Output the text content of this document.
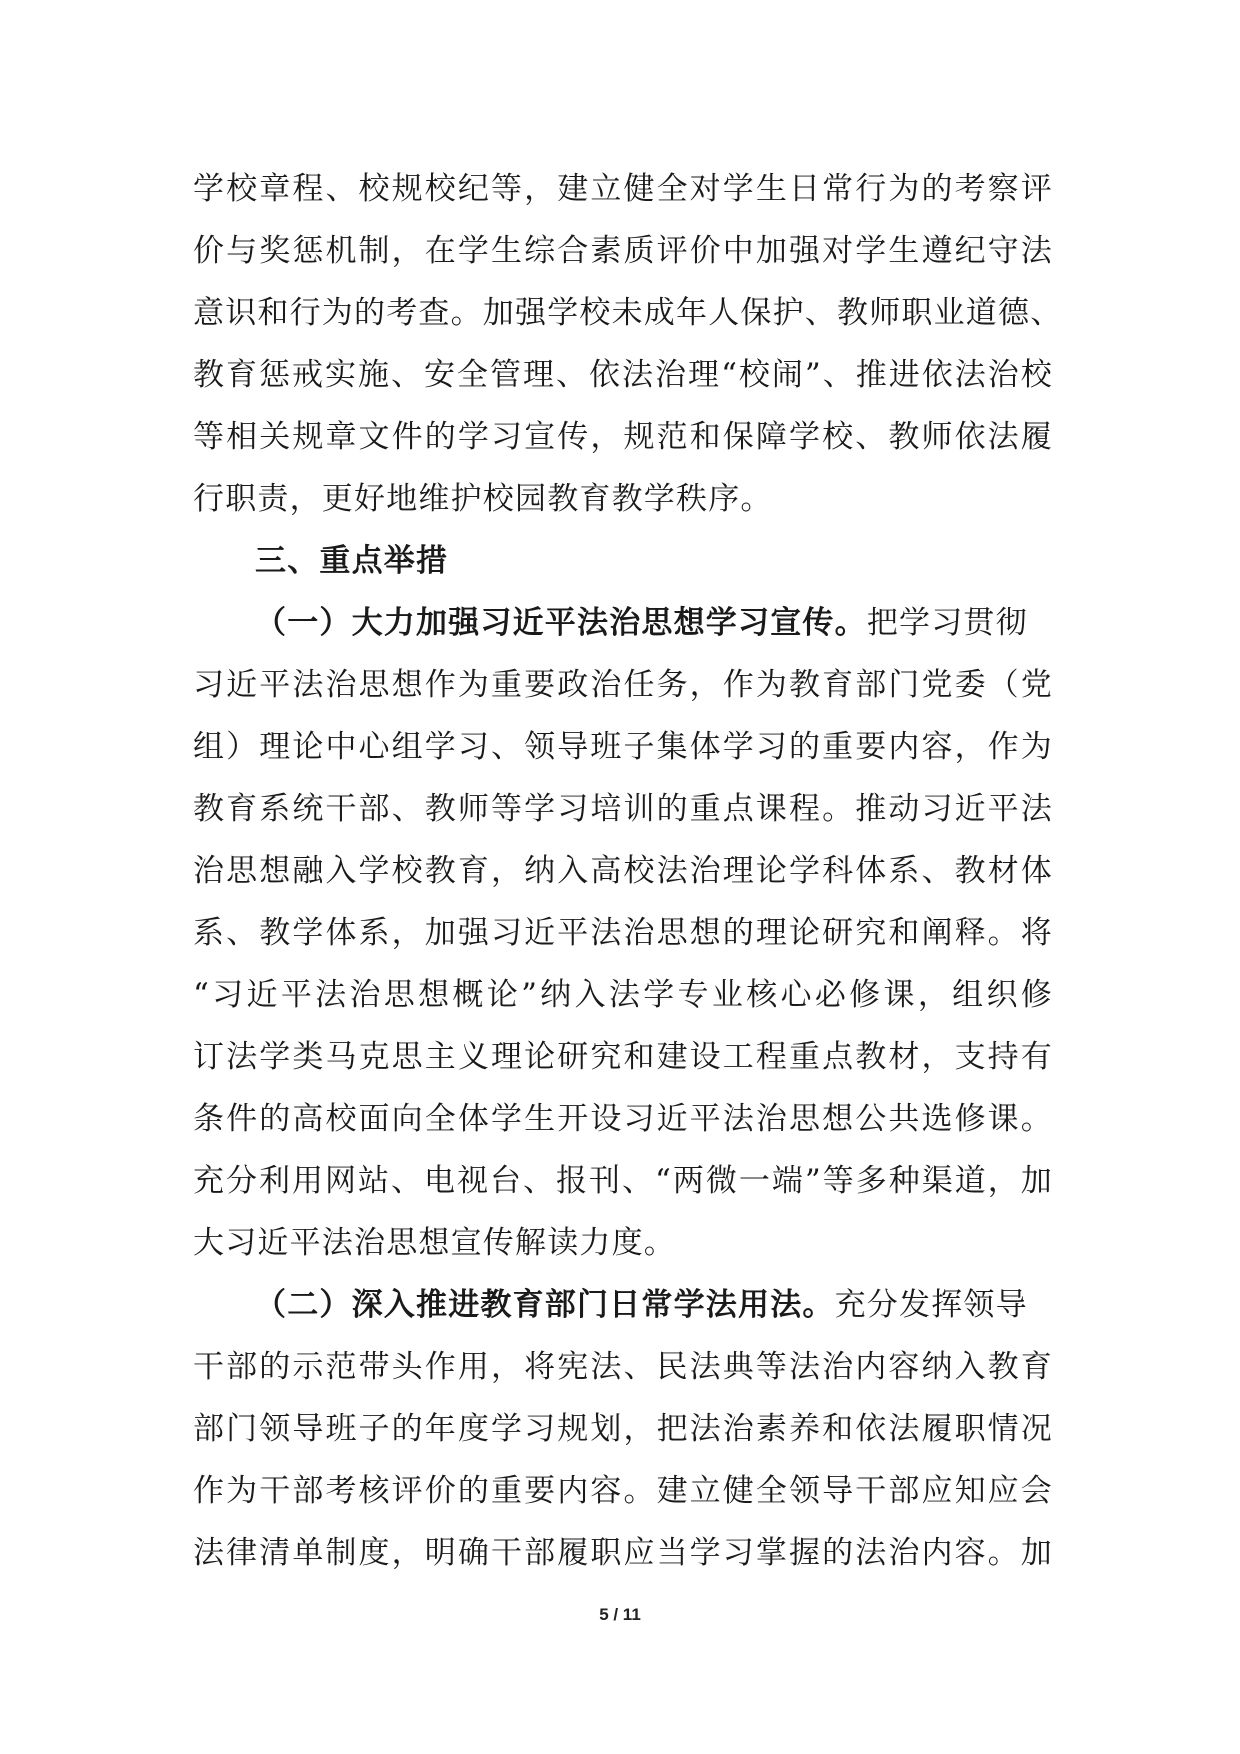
学校章程、校规校纪等，建立健全对学生日常行为的考察评
价与奖惩机制，在学生综合素质评价中加强对学生遵纪守法
意识和行为的考查。加强学校未成年人保护、教师职业道德、
教育惩戒实施、安全管理、依法治理“校闹”、推进依法治校
等相关规章文件的学习宣传，规范和保障学校、教师依法履
行职责，更好地维护校园教育教学秩序。
三、重点举措
（一）大力加强习近平法治思想学习宣传。把学习贯彻
习近平法治思想作为重要政治任务，作为教育部门党委（党
组）理论中心组学习、领导班子集体学习的重要内容，作为
教育系统干部、教师等学习培训的重点课程。推动习近平法
治思想融入学校教育，纳入高校法治理论学科体系、教材体
系、教学体系，加强习近平法治思想的理论研究和阐释。将
“习近平法治思想概论”纳入法学专业核心必修课，组织修
订法学类马克思主义理论研究和建设工程重点教材，支持有
条件的高校面向全体学生开设习近平法治思想公共选修课。
充分利用网站、电视台、报刊、“两微一端”等多种渠道，加
大习近平法治思想宣传解读力度。
（二）深入推进教育部门日常学法用法。充分发挥领导
干部的示范带头作用，将宪法、民法典等法治内容纳入教育
部门领导班子的年度学习规划，把法治素养和依法履职情况
作为干部考核评价的重要内容。建立健全领导干部应知应会
法律清单制度，明确干部履职应当学习掌握的法治内容。加
5 / 11
